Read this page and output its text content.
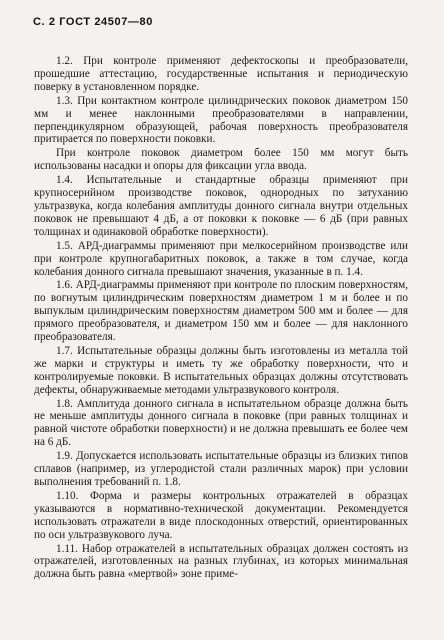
С. 2 ГОСТ 24507—80

1.2. При контроле применяют дефектоскопы и преобразователи, прошедшие аттестацию, государственные испытания и периодическую поверку в установленном порядке.

1.3. При контактном контроле цилиндрических поковок диаметром 150 мм и менее наклонными преобразователями в направлении, перпендикулярном образующей, рабочая поверхность преобразователя притирается по поверхности поковки.

При контроле поковок диаметром более 150 мм могут быть использованы насадки и опоры для фиксации угла ввода.

1.4. Испытательные и стандартные образцы применяют при крупносерийном производстве поковок, однородных по затуханию ультразвука, когда колебания амплитуды донного сигнала внутри отдельных поковок не превышают 4 дБ, а от поковки к поковке — 6 дБ (при равных толщинах и одинаковой обработке поверхности).

1.5. АРД-диаграммы применяют при мелкосерийном производстве или при контроле крупногабаритных поковок, а также в том случае, когда колебания донного сигнала превышают значения, указанные в п. 1.4.

1.6. АРД-диаграммы применяют при контроле по плоским поверхностям, по вогнутым цилиндрическим поверхностям диаметром 1 м и более и по выпуклым цилиндрическим поверхностям диаметром 500 мм и более — для прямого преобразователя, и диаметром 150 мм и более — для наклонного преобразователя.

1.7. Испытательные образцы должны быть изготовлены из металла той же марки и структуры и иметь ту же обработку поверхности, что и контролируемые поковки. В испытательных образцах должны отсутствовать дефекты, обнаруживаемые методами ультразвукового контроля.

1.8. Амплитуда донного сигнала в испытательном образце должна быть не меньше амплитуды донного сигнала в поковке (при равных толщинах и равной чистоте обработки поверхности) и не должна превышать ее более чем на 6 дБ.

1.9. Допускается использовать испытательные образцы из близких типов сплавов (например, из углеродистой стали различных марок) при условии выполнения требований п. 1.8.

1.10. Форма и размеры контрольных отражателей в образцах указываются в нормативно-технической документации. Рекомендуется использовать отражатели в виде плоскодонных отверстий, ориентированных по оси ультразвукового луча.

1.11. Набор отражателей в испытательных образцах должен состоять из отражателей, изготовленных на разных глубинах, из которых минимальная должна быть равна «мертвой» зоне приме-
